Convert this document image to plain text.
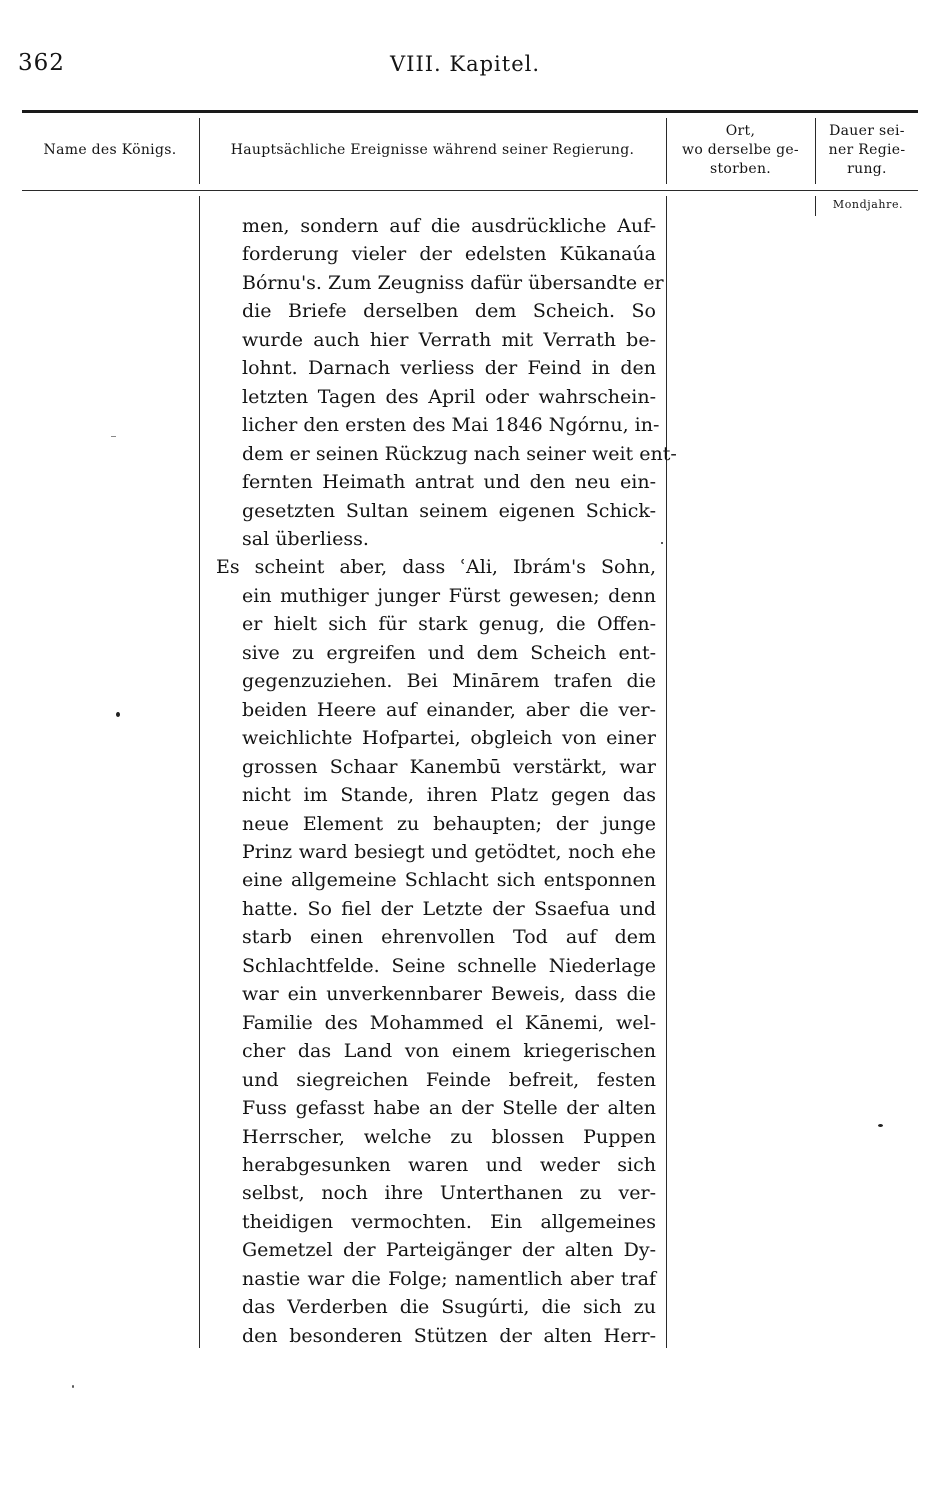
362	VIII. Kapitel.
Name des Königs.	Hauptsächliche Ereignisse während seiner Regierung.
Ort,
wo derselbe ge-
storben.
Dauer sei-
ner Regie-
rung.
Mondjahre.
men, sondern auf die ausdrückliche Auf-
forderung vieler der edelsten Kūkanaúa
Bórnu's. Zum Zeugniss dafür übersandte er
die Briefe derselben dem Scheich. So
wurde auch hier Verrath mit Verrath be-
lohnt. Darnach verliess der Feind in den
letzten Tagen des April oder wahrschein-
licher den ersten des Mai 1846 Ngórnu, in-
dem er seinen Rückzug nach seiner weit ent-
fernten Heimath antrat und den neu ein-
gesetzten Sultan seinem eigenen Schick-
sal überliess.
Es scheint aber, dass ʿAli, Ibrám's Sohn,
ein muthiger junger Fürst gewesen; denn
er hielt sich für stark genug, die Offen-
sive zu ergreifen und dem Scheich ent-
gegenzuziehen. Bei Minārem trafen die
beiden Heere auf einander, aber die ver-
weichlichte Hofpartei, obgleich von einer
grossen Schaar Kanembū verstärkt, war
nicht im Stande, ihren Platz gegen das
neue Element zu behaupten; der junge
Prinz ward besiegt und getödtet, noch ehe
eine allgemeine Schlacht sich entsponnen
hatte. So fiel der Letzte der Ssaefua und
starb einen ehrenvollen Tod auf dem
Schlachtfelde. Seine schnelle Niederlage
war ein unverkennbarer Beweis, dass die
Familie des Mohammed el Kānemi, wel-
cher das Land von einem kriegerischen
und siegreichen Feinde befreit, festen
Fuss gefasst habe an der Stelle der alten
Herrscher, welche zu blossen Puppen
herabgesunken waren und weder sich
selbst, noch ihre Unterthanen zu ver-
theidigen vermochten. Ein allgemeines
Gemetzel der Parteigänger der alten Dy-
nastie war die Folge; namentlich aber traf
das Verderben die Ssugúrti, die sich zu
den besonderen Stützen der alten Herr-
